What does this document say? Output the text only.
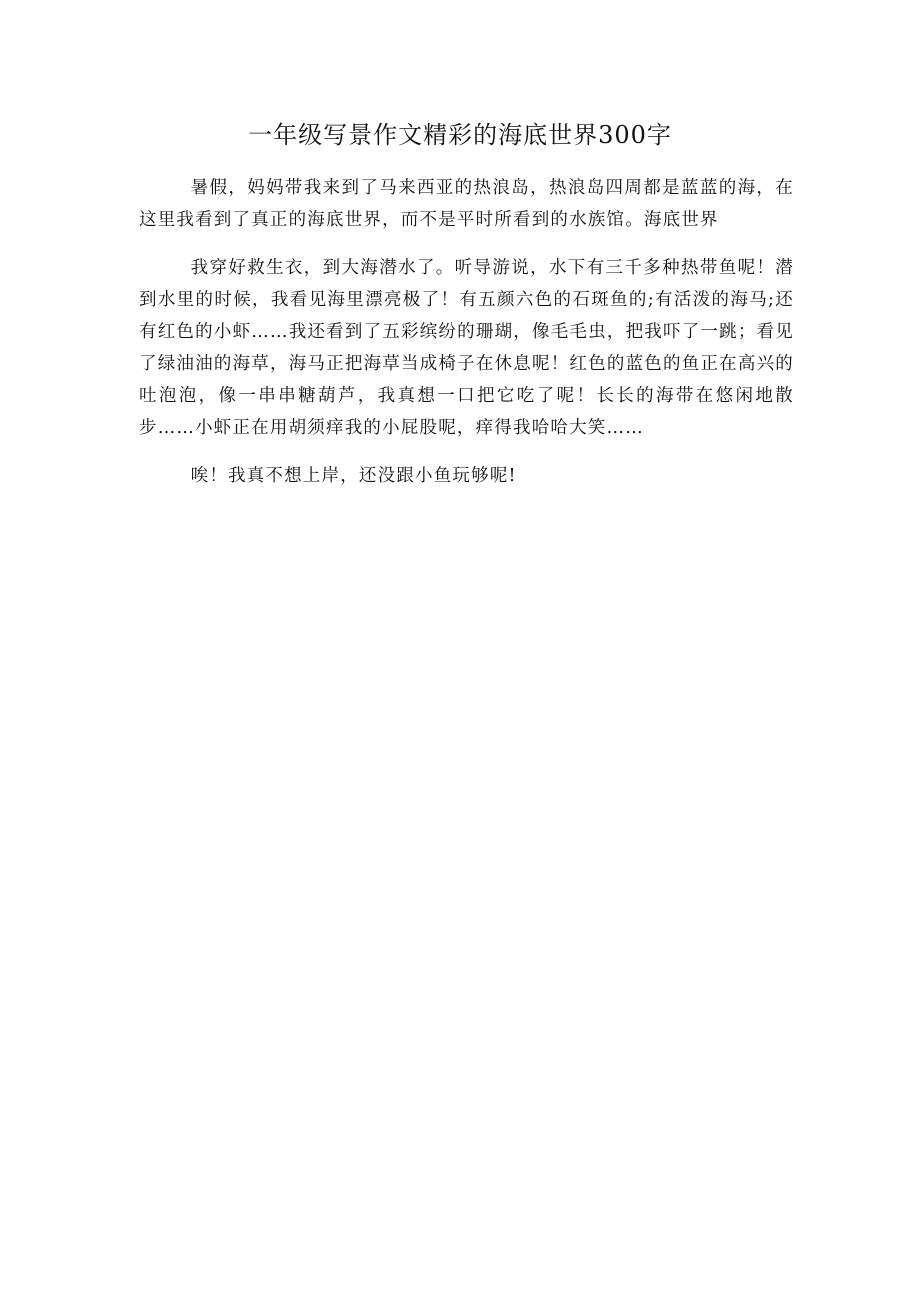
一年级写景作文精彩的海底世界300字

暑假，妈妈带我来到了马来西亚的热浪岛，热浪岛四周都是蓝蓝的海，在这里我看到了真正的海底世界，而不是平时所看到的水族馆。海底世界

我穿好救生衣，到大海潜水了。听导游说，水下有三千多种热带鱼呢！潜到水里的时候，我看见海里漂亮极了！有五颜六色的石斑鱼的;有活泼的海马;还有红色的小虾……我还看到了五彩缤纷的珊瑚，像毛毛虫，把我吓了一跳；看见了绿油油的海草，海马正把海草当成椅子在休息呢！红色的蓝色的鱼正在高兴的吐泡泡，像一串串糖葫芦，我真想一口把它吃了呢！长长的海带在悠闲地散步……小虾正在用胡须痒我的小屁股呢，痒得我哈哈大笑……

唉！我真不想上岸，还没跟小鱼玩够呢!
